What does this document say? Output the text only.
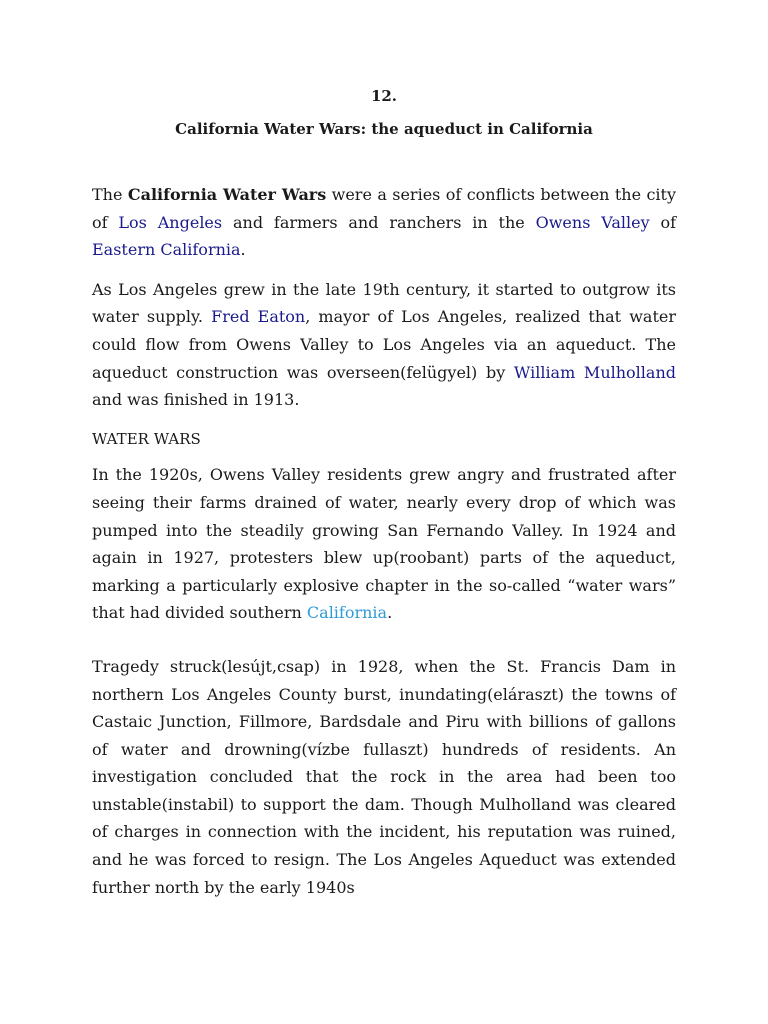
12.
California Water Wars: the aqueduct in California

The California Water Wars were a series of conflicts between the city of Los Angeles and farmers and ranchers in the Owens Valley of Eastern California.

As Los Angeles grew in the late 19th century, it started to outgrow its water supply. Fred Eaton, mayor of Los Angeles, realized that water could flow from Owens Valley to Los Angeles via an aqueduct. The aqueduct construction was overseen(felügyel) by William Mulholland and was finished in 1913.

WATER WARS

In the 1920s, Owens Valley residents grew angry and frustrated after seeing their farms drained of water, nearly every drop of which was pumped into the steadily growing San Fernando Valley. In 1924 and again in 1927, protesters blew up(roobant) parts of the aqueduct, marking a particularly explosive chapter in the so-called “water wars” that had divided southern California.

Tragedy struck(lesújt,csap) in 1928, when the St. Francis Dam in northern Los Angeles County burst, inundating(eláraszt) the towns of Castaic Junction, Fillmore, Bardsdale and Piru with billions of gallons of water and drowning(vízbe fullaszt) hundreds of residents. An investigation concluded that the rock in the area had been too unstable(instabil) to support the dam. Though Mulholland was cleared of charges in connection with the incident, his reputation was ruined, and he was forced to resign. The Los Angeles Aqueduct was extended further north by the early 1940s
